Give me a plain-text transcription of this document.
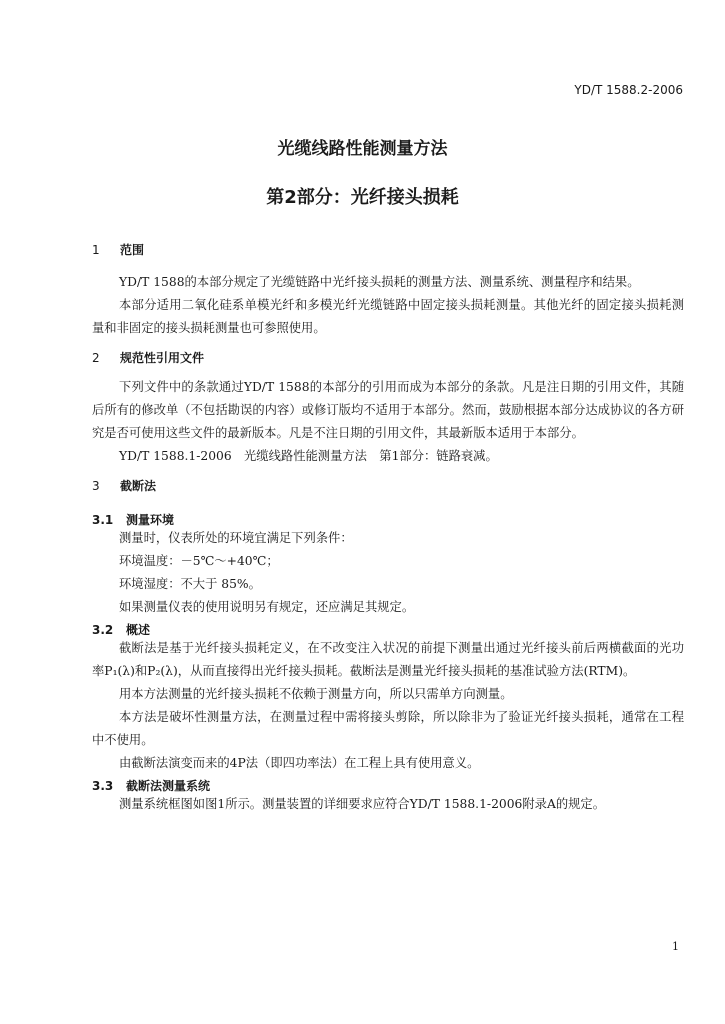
YD/T 1588.2-2006
光缆线路性能测量方法
第2部分：光纤接头损耗
1 范围

YD/T 1588的本部分规定了光缆链路中光纤接头损耗的测量方法、测量系统、测量程序和结果。

本部分适用二氧化硅系单模光纤和多模光纤光缆链路中固定接头损耗测量。其他光纤的固定接头损耗测量和非固定的接头损耗测量也可参照使用。

2 规范性引用文件

下列文件中的条款通过YD/T 1588的本部分的引用而成为本部分的条款。凡是注日期的引用文件，其随后所有的修改单（不包括勘误的内容）或修订版均不适用于本部分。然而，鼓励根据本部分达成协议的各方研究是否可使用这些文件的最新版本。凡是不注日期的引用文件，其最新版本适用于本部分。

YD/T 1588.1-2006　光缆线路性能测量方法　第1部分：链路衰减。

3 截断法
3.1 测量环境

测量时，仪表所处的环境宜满足下列条件：

环境温度：－5℃～+40℃；

环境湿度：不大于 85%。

如果测量仪表的使用说明另有规定，还应满足其规定。

3.2 概述

截断法是基于光纤接头损耗定义，在不改变注入状况的前提下测量出通过光纤接头前后两横截面的光功率P₁(λ)和P₂(λ)，从而直接得出光纤接头损耗。截断法是测量光纤接头损耗的基准试验方法(RTM)。

用本方法测量的光纤接头损耗不依赖于测量方向，所以只需单方向测量。

本方法是破坏性测量方法，在测量过程中需将接头剪除，所以除非为了验证光纤接头损耗，通常在工程中不使用。

由截断法演变而来的4P法（即四功率法）在工程上具有使用意义。

3.3 截断法测量系统

测量系统框图如图1所示。测量装置的详细要求应符合YD/T 1588.1-2006附录A的规定。

1
